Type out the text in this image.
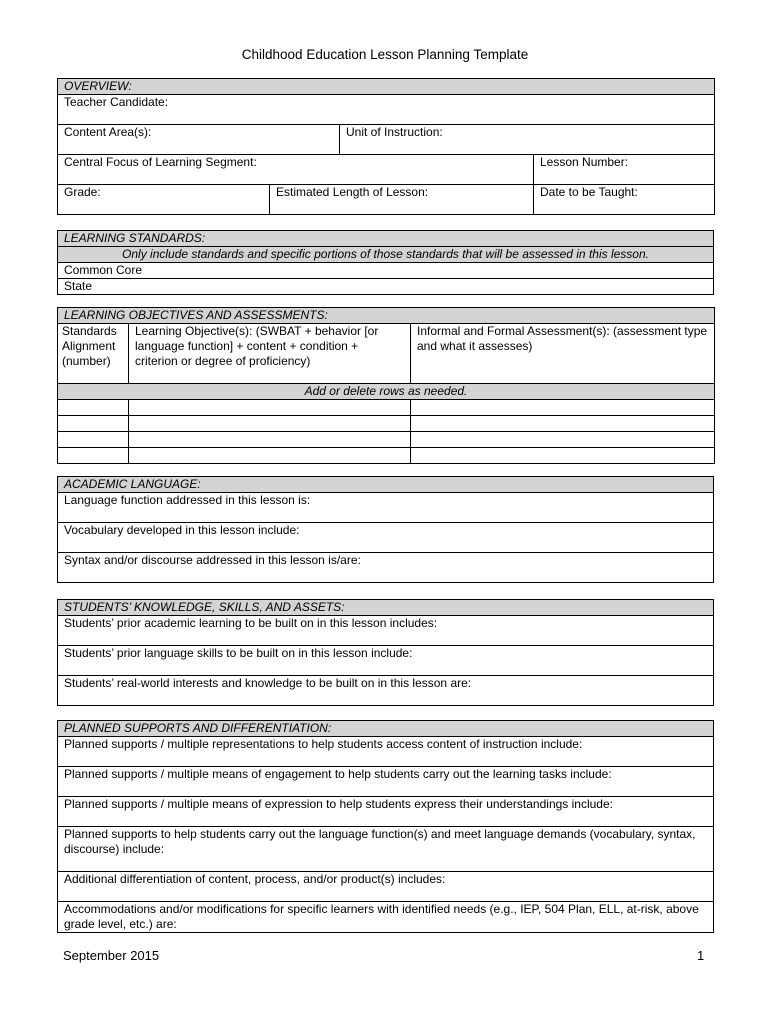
Childhood Education Lesson Planning Template
OVERVIEW:			
Teacher Candidate:			
Content Area(s):		Unit of Instruction:	
Central Focus of Learning Segment:			Lesson Number:
Grade:	Estimated Length of Lesson:		Date to be Taught:
LEARNING STANDARDS:
Only include standards and specific portions of those standards that will be assessed in this lesson.
Common Core
State
LEARNING OBJECTIVES AND ASSESSMENTS:		
Standards Alignment (number)	Learning Objective(s): (SWBAT + behavior [or language function] + content + condition + criterion or degree of proficiency)	Informal and Formal Assessment(s): (assessment type and what it assesses)
Add or delete rows as needed.		

ACADEMIC LANGUAGE:
Language function addressed in this lesson is:
Vocabulary developed in this lesson include:
Syntax and/or discourse addressed in this lesson is/are:
STUDENTS’ KNOWLEDGE, SKILLS, AND ASSETS:
Students’ prior academic learning to be built on in this lesson includes:
Students’ prior language skills to be built on in this lesson include:
Students’ real-world interests and knowledge to be built on in this lesson are:
PLANNED SUPPORTS AND DIFFERENTIATION:
Planned supports / multiple representations to help students access content of instruction include:
Planned supports / multiple means of engagement to help students carry out the learning tasks include:
Planned supports / multiple means of expression to help students express their understandings include:
Planned supports to help students carry out the language function(s) and meet language demands (vocabulary, syntax, discourse) include:
Additional differentiation of content, process, and/or product(s) includes:
Accommodations and/or modifications for specific learners with identified needs (e.g., IEP, 504 Plan, ELL, at-risk, above grade level, etc.) are:
September 2015	1
